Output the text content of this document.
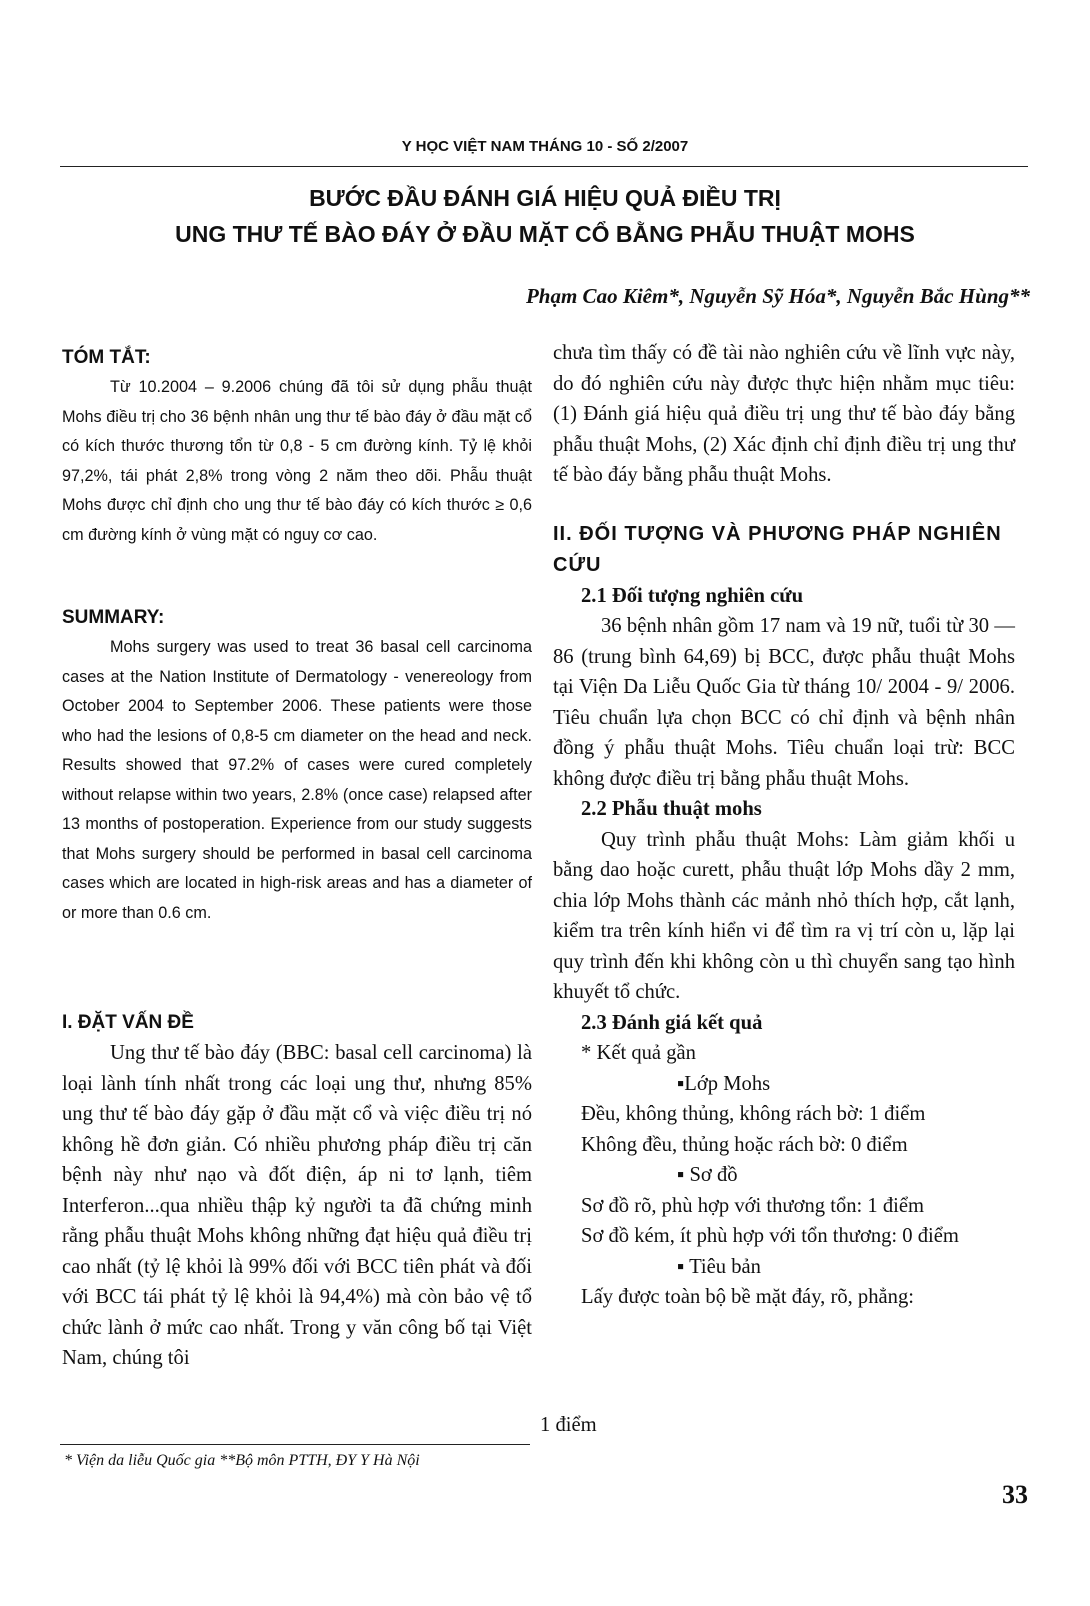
Y HỌC VIỆT NAM THÁNG 10 - SỐ 2/2007
BƯỚC ĐẦU ĐÁNH GIÁ HIỆU QUẢ ĐIỀU TRỊ
UNG THƯ TẾ BÀO ĐÁY Ở ĐẦU MẶT CỔ BẰNG PHẪU THUẬT MOHS
Phạm Cao Kiêm*, Nguyễn Sỹ Hóa*, Nguyễn Bắc Hùng**
TÓM TẮT:

Từ 10.2004 – 9.2006 chúng đã tôi sử dụng phẫu thuật Mohs điều trị cho 36 bệnh nhân ung thư tế bào đáy ở đầu mặt cổ có kích thước thương tổn từ 0,8 - 5 cm đường kính. Tỷ lệ khỏi 97,2%, tái phát 2,8% trong vòng 2 năm theo dõi. Phẫu thuật Mohs được chỉ định cho ung thư tế bào đáy có kích thước ≥ 0,6 cm đường kính ở vùng mặt có nguy cơ cao.

SUMMARY:

Mohs surgery was used to treat 36 basal cell carcinoma cases at the Nation Institute of Dermatology - venereology from October 2004 to September 2006. These patients were those who had the lesions of 0,8-5 cm diameter on the head and neck. Results showed that 97.2% of cases were cured completely without relapse within two years, 2.8% (once case) relapsed after 13 months of postoperation. Experience from our study suggests that Mohs surgery should be performed in basal cell carcinoma cases which are located in high-risk areas and has a diameter of or more than 0.6 cm.

I. ĐẶT VẤN ĐỀ

Ung thư tế bào đáy (BBC: basal cell carcinoma) là loại lành tính nhất trong các loại ung thư, nhưng 85% ung thư tế bào đáy gặp ở đầu mặt cổ và việc điều trị nó không hề đơn giản. Có nhiều phương pháp điều trị căn bệnh này như nạo và đốt điện, áp ni tơ lạnh, tiêm Interferon...qua nhiều thập kỷ người ta đã chứng minh rằng phẫu thuật Mohs không những đạt hiệu quả điều trị cao nhất (tỷ lệ khỏi là 99% đối với BCC tiên phát và đối với BCC tái phát tỷ lệ khỏi là 94,4%) mà còn bảo vệ tổ chức lành ở mức cao nhất. Trong y văn công bố tại Việt Nam, chúng tôi

chưa tìm thấy có đề tài nào nghiên cứu về lĩnh vực này, do đó nghiên cứu này được thực hiện nhằm mục tiêu: (1) Đánh giá hiệu quả điều trị ung thư tế bào đáy bằng phẫu thuật Mohs, (2) Xác định chỉ định điều trị ung thư tế bào đáy bằng phẫu thuật Mohs.

II. ĐỐI TƯỢNG VÀ PHƯƠNG PHÁP NGHIÊN CỨU
2.1 Đối tượng nghiên cứu

36 bệnh nhân gồm 17 nam và 19 nữ, tuổi từ 30 — 86 (trung bình 64,69) bị BCC, được phẫu thuật Mohs tại Viện Da Liễu Quốc Gia từ tháng 10/ 2004 - 9/ 2006. Tiêu chuẩn lựa chọn BCC có chỉ định và bệnh nhân đồng ý phẫu thuật Mohs. Tiêu chuẩn loại trừ: BCC không được điều trị bằng phẫu thuật Mohs.

2.2 Phẫu thuật mohs

Quy trình phẫu thuật Mohs: Làm giảm khối u bằng dao hoặc curett, phẫu thuật lớp Mohs dầy 2 mm, chia lớp Mohs thành các mảnh nhỏ thích hợp, cắt lạnh, kiểm tra trên kính hiển vi để tìm ra vị trí còn u, lặp lại quy trình đến khi không còn u thì chuyển sang tạo hình khuyết tổ chức.

2.3 Đánh giá kết quả
* Kết quả gần
▪Lớp Mohs
Đều, không thủng, không rách bờ: 1 điểm
Không đều, thủng hoặc rách bờ: 0 điểm
▪ Sơ đồ
Sơ đồ rõ, phù hợp với thương tổn: 1 điểm
Sơ đồ kém, ít phù hợp với tổn thương: 0 điểm
▪ Tiêu bản
Lấy được toàn bộ bề mặt đáy, rõ, phẳng:
1 điểm
* Viện da liễu Quốc gia **Bộ môn PTTH, ĐY Y Hà Nội
33
